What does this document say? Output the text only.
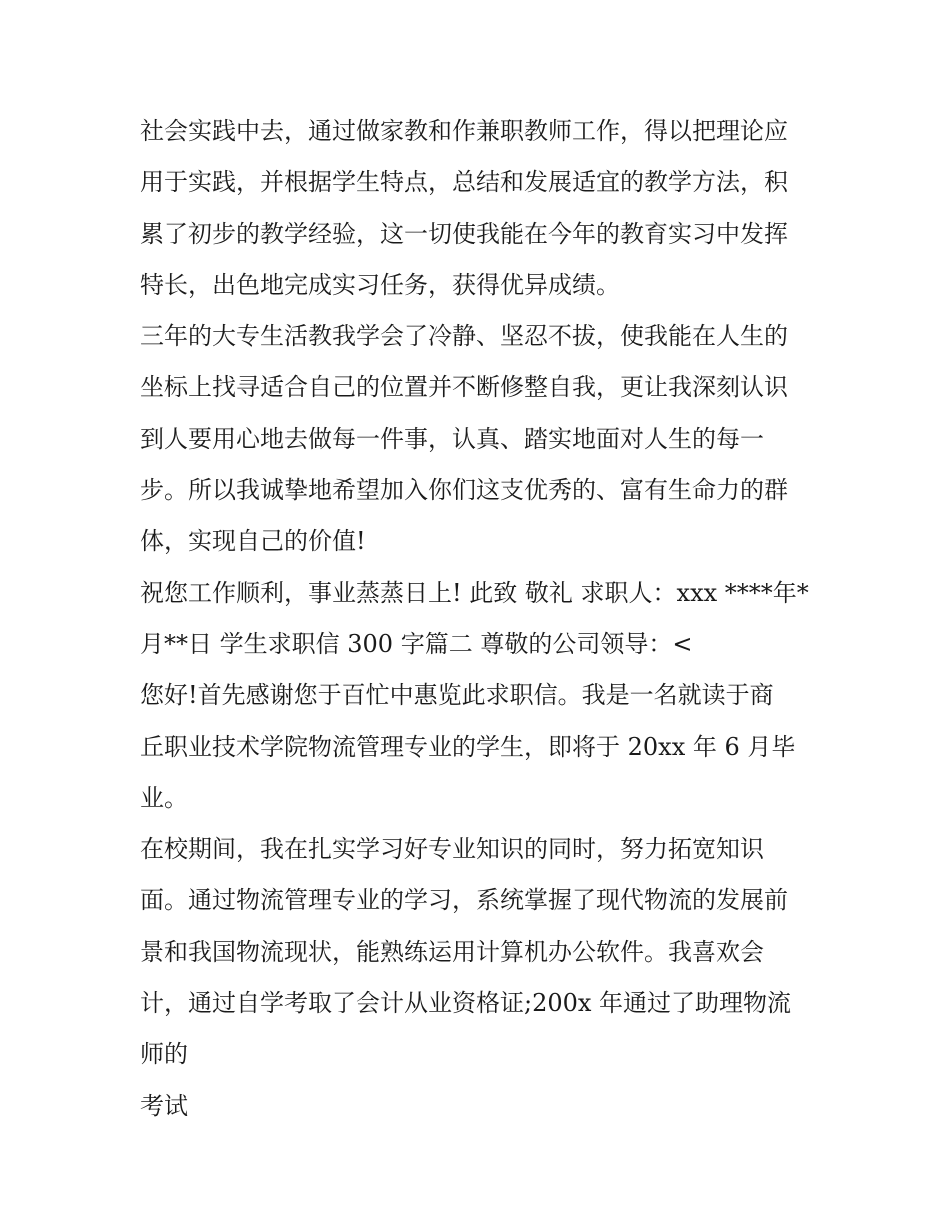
社会实践中去，通过做家教和作兼职教师工作，得以把理论应
用于实践，并根据学生特点，总结和发展适宜的教学方法，积
累了初步的教学经验，这一切使我能在今年的教育实习中发挥
特长，出色地完成实习任务，获得优异成绩。
三年的大专生活教我学会了冷静、坚忍不拔，使我能在人生的
坐标上找寻适合自己的位置并不断修整自我，更让我深刻认识
到人要用心地去做每一件事，认真、踏实地面对人生的每一
步。所以我诚挚地希望加入你们这支优秀的、富有生命力的群
体，实现自己的价值!
祝您工作顺利，事业蒸蒸日上! 此致 敬礼 求职人：xxx ****年*
月**日 学生求职信 300 字篇二 尊敬的公司领导：<
您好!首先感谢您于百忙中惠览此求职信。我是一名就读于商
丘职业技术学院物流管理专业的学生，即将于 20xx 年 6 月毕
业。
在校期间，我在扎实学习好专业知识的同时，努力拓宽知识
面。通过物流管理专业的学习，系统掌握了现代物流的发展前
景和我国物流现状，能熟练运用计算机办公软件。我喜欢会
计，通过自学考取了会计从业资格证;200x 年通过了助理物流
师的
考试
